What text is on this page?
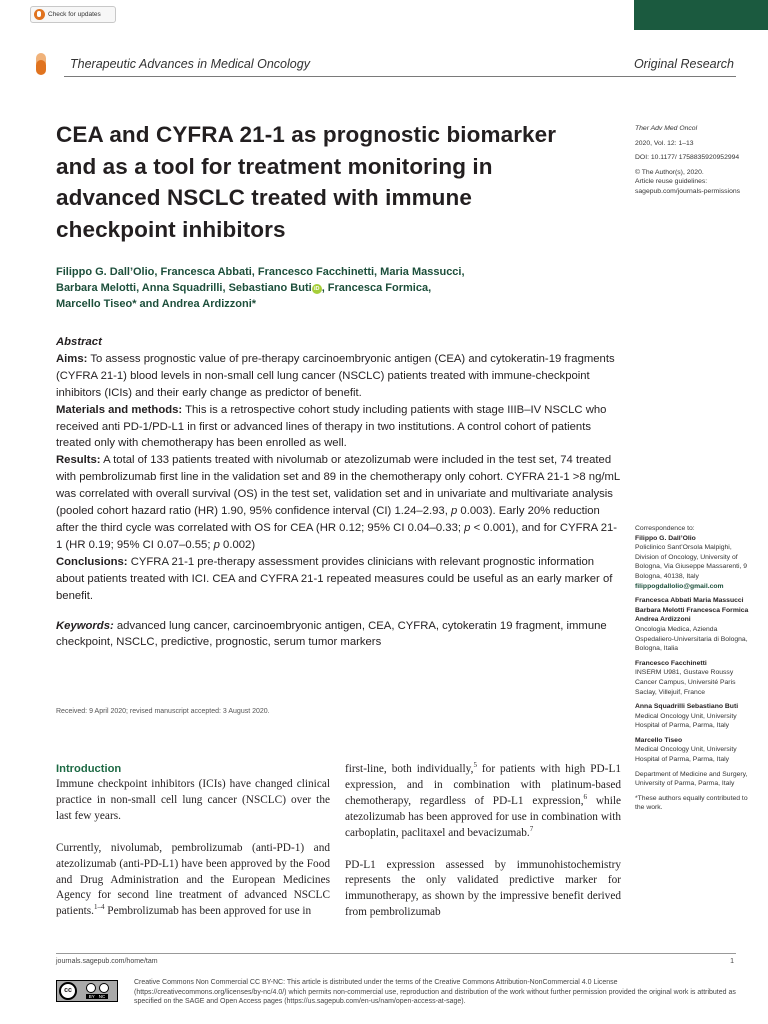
Check for updates
Therapeutic Advances in Medical Oncology	Original Research
CEA and CYFRA 21-1 as prognostic biomarker and as a tool for treatment monitoring in advanced NSCLC treated with immune checkpoint inhibitors

Ther Adv Med Oncol

2020, Vol. 12: 1–13

DOI: 10.1177/ 1758835920952994

© The Author(s), 2020.

Article reuse guidelines: sagepub.com/journals-permissions

Filippo G. Dall’Olio, Francesca Abbati, Francesco Facchinetti, Maria Massucci,
Barbara Melotti, Anna Squadrilli, Sebastiano Buti iD , Francesca Formica,
Marcello Tiseo* and Andrea Ardizzoni*

Abstract

Aims: To assess prognostic value of pre-therapy carcinoembryonic antigen (CEA) and cytokeratin-19 fragments (CYFRA 21-1) blood levels in non-small cell lung cancer (NSCLC) patients treated with immune-checkpoint inhibitors (ICIs) and their early change as predictor of benefit.

Materials and methods: This is a retrospective cohort study including patients with stage IIIB–IV NSCLC who received anti PD-1/PD-L1 in first or advanced lines of therapy in two institutions. A control cohort of patients treated only with chemotherapy has been enrolled as well.

Results: A total of 133 patients treated with nivolumab or atezolizumab were included in the test set, 74 treated with pembrolizumab first line in the validation set and 89 in the chemotherapy only cohort. CYFRA 21-1 >8 ng/mL was correlated with overall survival (OS) in the test set, validation set and in univariate and multivariate analysis (pooled cohort hazard ratio (HR) 1.90, 95% confidence interval (CI) 1.24–2.93, p 0.003). Early 20% reduction after the third cycle was correlated with OS for CEA (HR 0.12; 95% CI 0.04–0.33; p < 0.001), and for CYFRA 21-1 (HR 0.19; 95% CI 0.07–0.55; p 0.002)

Conclusions: CYFRA 21-1 pre-therapy assessment provides clinicians with relevant prognostic information about patients treated with ICI. CEA and CYFRA 21-1 repeated measures could be useful as an early marker of benefit.

Keywords: advanced lung cancer, carcinoembryonic antigen, CEA, CYFRA, cytokeratin 19 fragment, immune checkpoint, NSCLC, predictive, prognostic, serum tumor markers

Received: 9 April 2020; revised manuscript accepted: 3 August 2020.
Introduction

Immune checkpoint inhibitors (ICIs) have changed clinical practice in non-small cell lung cancer (NSCLC) over the last few years.

Currently, nivolumab, pembrolizumab (anti-PD-1) and atezolizumab (anti-PD-L1) have been approved by the Food and Drug Administration and the European Medicines Agency for second line treatment of advanced NSCLC patients.$^{1-4}$ Pembrolizumab has been approved for use in

first-line, both individually,$^5$ for patients with high PD-L1 expression, and in combination with platinum-based chemotherapy, regardless of PD-L1 expression,$^6$ while atezolizumab has been approved for use in combination with carboplatin, paclitaxel and bevacizumab.$^7$

PD-L1 expression assessed by immunohistochemistry represents the only validated predictive marker for immunotherapy, as shown by the impressive benefit derived from pembrolizumab

Correspondence to:

Filippo G. Dall’Olio

Policlinico Sant’Orsola Malpighi, Division of Oncology, University of Bologna, Via Giuseppe Massarenti, 9 Bologna, 40138, Italy

filippogdallolio@gmail.com

Francesca Abbati Maria Massucci Barbara Melotti Francesca Formica Andrea Ardizzoni

Oncologia Medica, Azienda Ospedaliero-Universitaria di Bologna, Bologna, Italia

Francesco Facchinetti

INSERM U981, Gustave Roussy Cancer Campus, Université Paris Saclay, Villejuif, France

Anna Squadrilli Sebastiano Buti

Medical Oncology Unit, University Hospital of Parma, Parma, Italy

Marcello Tiseo

Medical Oncology Unit, University Hospital of Parma, Parma, Italy

Department of Medicine and Surgery, University of Parma, Parma, Italy

*These authors equally contributed to the work.

journals.sagepub.com/home/tam	1
cc
BY NC
Creative Commons Non Commercial CC BY-NC: This article is distributed under the terms of the Creative Commons Attribution-NonCommercial 4.0 License (https://creativecommons.org/licenses/by-nc/4.0/) which permits non-commercial use, reproduction and distribution of the work without further permission provided the original work is attributed as specified on the SAGE and Open Access pages (https://us.sagepub.com/en-us/nam/open-access-at-sage).
